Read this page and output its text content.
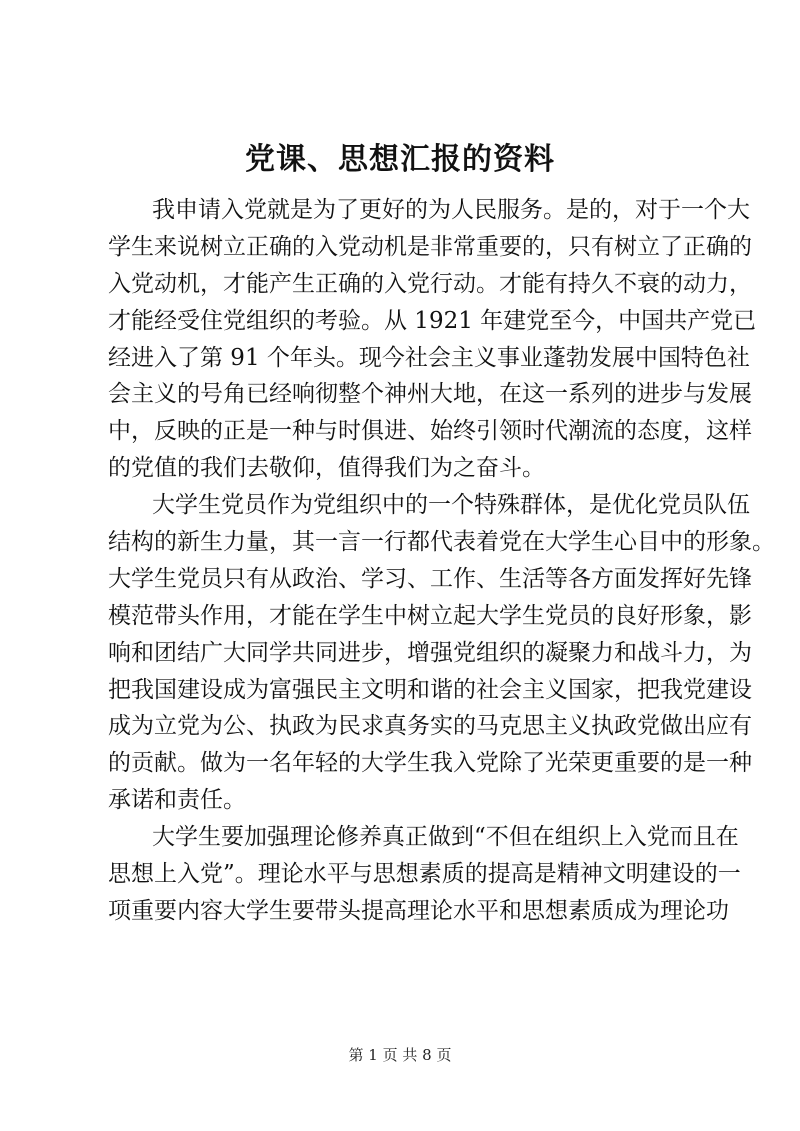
党课、思想汇报的资料
我申请入党就是为了更好的为人民服务。是的，对于一个大
学生来说树立正确的入党动机是非常重要的，只有树立了正确的
入党动机，才能产生正确的入党行动。才能有持久不衰的动力，
才能经受住党组织的考验。从 1921 年建党至今，中国共产党已
经进入了第 91 个年头。现今社会主义事业蓬勃发展中国特色社
会主义的号角已经响彻整个神州大地，在这一系列的进步与发展
中，反映的正是一种与时俱进、始终引领时代潮流的态度，这样
的党值的我们去敬仰，值得我们为之奋斗。
大学生党员作为党组织中的一个特殊群体，是优化党员队伍
结构的新生力量，其一言一行都代表着党在大学生心目中的形象。
大学生党员只有从政治、学习、工作、生活等各方面发挥好先锋
模范带头作用，才能在学生中树立起大学生党员的良好形象，影
响和团结广大同学共同进步，增强党组织的凝聚力和战斗力，为
把我国建设成为富强民主文明和谐的社会主义国家，把我党建设
成为立党为公、执政为民求真务实的马克思主义执政党做出应有
的贡献。做为一名年轻的大学生我入党除了光荣更重要的是一种
承诺和责任。
大学生要加强理论修养真正做到“不但在组织上入党而且在
思想上入党”。理论水平与思想素质的提高是精神文明建设的一
项重要内容大学生要带头提高理论水平和思想素质成为理论功
第 1 页 共 8 页
